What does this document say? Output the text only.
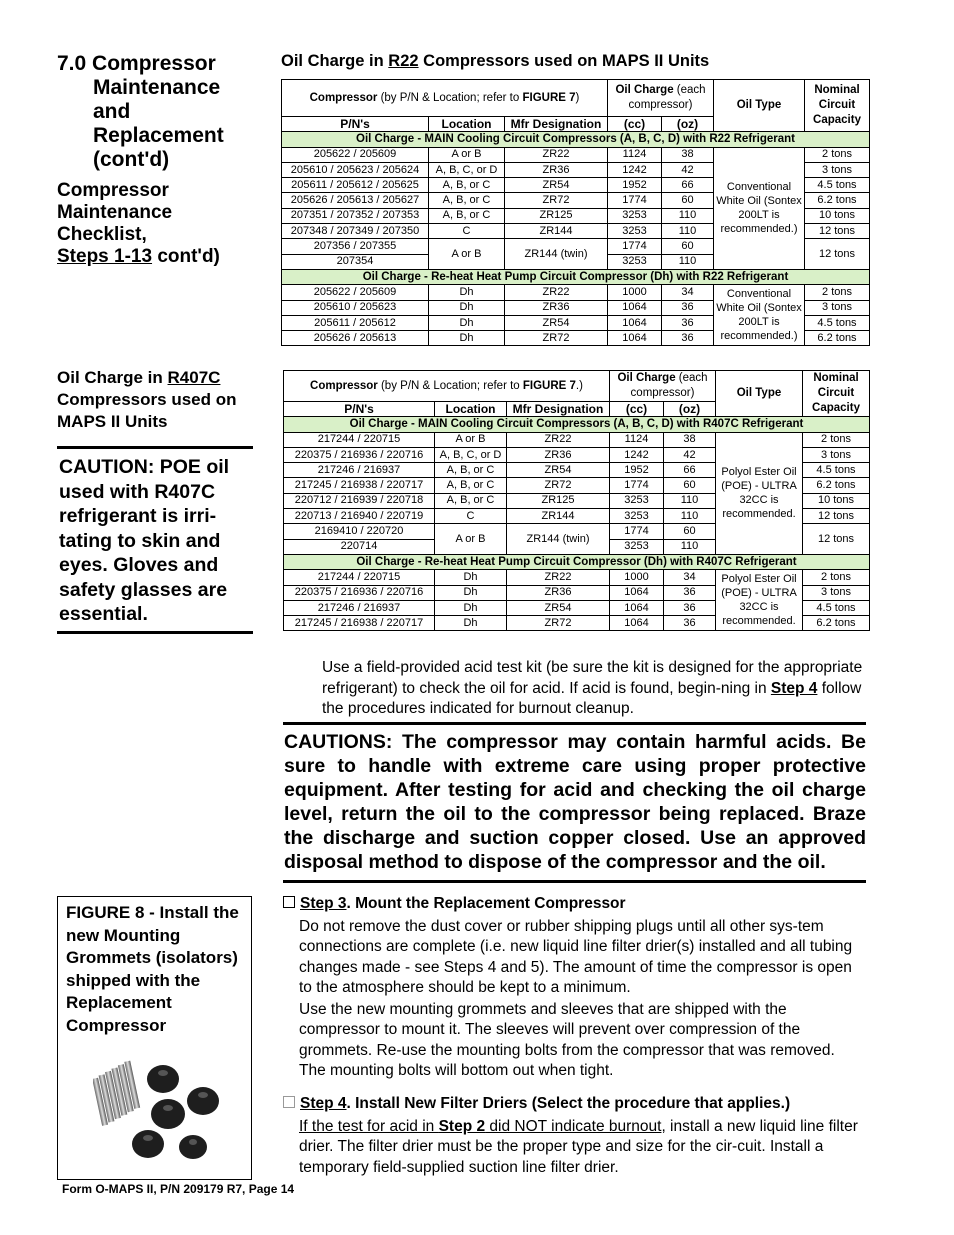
7.0 Compressor
Maintenance
and
Replacement
(cont'd)
Compressor Maintenance Checklist,
Steps 1-13 cont'd)
Oil Charge in R407C Compressors used on MAPS II Units
CAUTION: POE oil used with R407C refrigerant is irri-tating to skin and eyes. Gloves and safety glasses are essential.
Oil Charge in R22 Compressors used on MAPS II Units
Compressor (by P/N & Location; refer to FIGURE 7)			Oil Charge (each compressor)		Oil Type	Nominal Circuit Capacity
P/N's	Location	Mfr Designation	(cc)	(oz)		
Oil Charge - MAIN Cooling Circuit Compressors (A, B, C, D) with R22 Refrigerant						
205622 / 205609	A or B	ZR22	1124	38	Conventional White Oil (Sontex 200LT is recommended.)	2 tons
205610 / 205623 / 205624	A, B, C, or D	ZR36	1242	42		3 tons
205611 / 205612 / 205625	A, B, or C	ZR54	1952	66		4.5 tons
205626 / 205613 / 205627	A, B, or C	ZR72	1774	60		6.2 tons
207351 / 207352 / 207353	A, B, or C	ZR125	3253	110		10 tons
207348 / 207349 / 207350	C	ZR144	3253	110		12 tons
207356 / 207355	A or B	ZR144 (twin)	1774	60		12 tons
207354			3253	110		
Oil Charge - Re-heat Heat Pump Circuit Compressor (Dh) with R22 Refrigerant						
205622 / 205609	Dh	ZR22	1000	34	Conventional White Oil (Sontex 200LT is recommended.)	2 tons
205610 / 205623	Dh	ZR36	1064	36		3 tons
205611 / 205612	Dh	ZR54	1064	36		4.5 tons
205626 / 205613	Dh	ZR72	1064	36		6.2 tons
Compressor (by P/N & Location; refer to FIGURE 7.)			Oil Charge (each compressor)		Oil Type	Nominal Circuit Capacity
P/N's	Location	Mfr Designation	(cc)	(oz)		
Oil Charge - MAIN Cooling Circuit Compressors (A, B, C, D) with R407C Refrigerant						
217244 / 220715	A or B	ZR22	1124	38	Polyol Ester Oil (POE) - ULTRA 32CC is recommended.	2 tons
220375 / 216936 / 220716	A, B, C, or D	ZR36	1242	42		3 tons
217246 / 216937	A, B, or C	ZR54	1952	66		4.5 tons
217245 / 216938 / 220717	A, B, or C	ZR72	1774	60		6.2 tons
220712 / 216939 / 220718	A, B, or C	ZR125	3253	110		10 tons
220713 / 216940 / 220719	C	ZR144	3253	110		12 tons
2169410 / 220720	A or B	ZR144 (twin)	1774	60		12 tons
220714			3253	110		
Oil Charge - Re-heat Heat Pump Circuit Compressor (Dh) with R407C Refrigerant						
217244 / 220715	Dh	ZR22	1000	34	Polyol Ester Oil (POE) - ULTRA 32CC is recommended.	2 tons
220375 / 216936 / 220716	Dh	ZR36	1064	36		3 tons
217246 / 216937	Dh	ZR54	1064	36		4.5 tons
217245 / 216938 / 220717	Dh	ZR72	1064	36		6.2 tons
Use a field-provided acid test kit (be sure the kit is designed for the appropriate refrigerant) to check the oil for acid. If acid is found, begin-ning in Step 4 follow the procedures indicated for burnout cleanup.
CAUTIONS: The compressor may contain harmful acids. Be sure to handle with extreme care using proper protective equipment. After testing for acid and checking the oil charge level, return the oil to the compressor being replaced. Braze the discharge and suction copper closed. Use an approved disposal method to dispose of the compressor and the oil.
FIGURE 8 - Install the new Mounting Grommets (isolators) shipped with the Replacement Compressor
Step 3. Mount the Replacement Compressor
Do not remove the dust cover or rubber shipping plugs until all other sys-tem connections are complete (i.e. new liquid line filter drier(s) installed and all tubing changes made - see Steps 4 and 5). The amount of time the compressor is open to the atmosphere should be kept to a minimum.
Use the new mounting grommets and sleeves that are shipped with the compressor to mount it. The sleeves will prevent over compression of the grommets. Re-use the mounting bolts from the compressor that was removed. The mounting bolts will bottom out when tight.
Step 4. Install New Filter Driers (Select the procedure that applies.)
If the test for acid in Step 2 did NOT indicate burnout, install a new liquid line filter drier. The filter drier must be the proper type and size for the cir-cuit. Install a temporary field-supplied suction line filter drier.
Form O-MAPS II, P/N 209179 R7, Page 14
